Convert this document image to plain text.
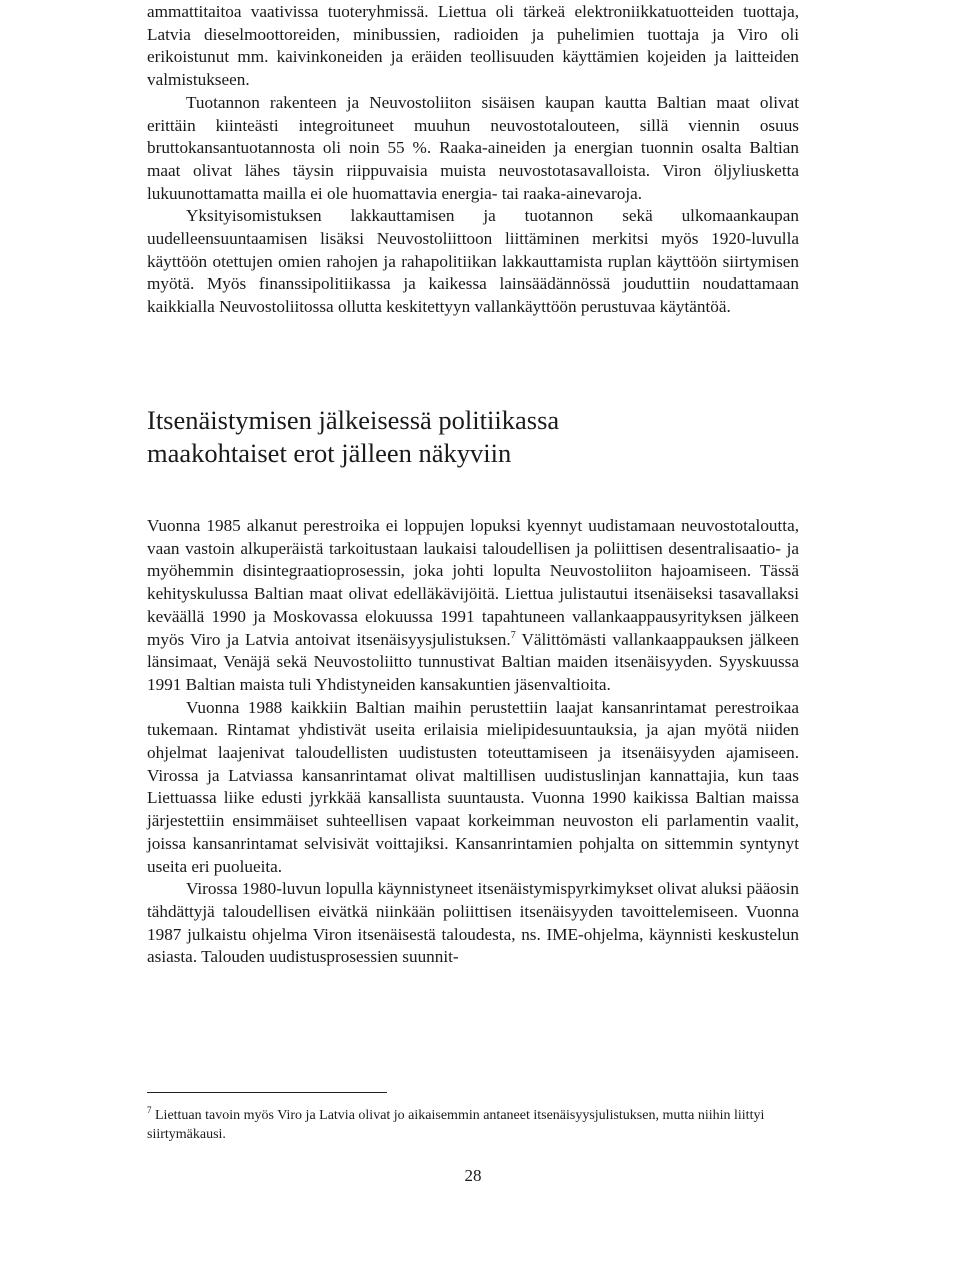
ammattitaitoa vaativissa tuoteryhmissä. Liettua oli tärkeä elektroniikkatuotteiden tuottaja, Latvia dieselmoottoreiden, minibussien, radioiden ja puhelimien tuottaja ja Viro oli erikoistunut mm. kaivinkoneiden ja eräiden teollisuuden käyttämien kojeiden ja laitteiden valmistukseen.

Tuotannon rakenteen ja Neuvostoliiton sisäisen kaupan kautta Baltian maat olivat erittäin kiinteästi integroituneet muuhun neuvostotalouteen, sillä viennin osuus bruttokansantuotannosta oli noin 55 %. Raaka-aineiden ja energian tuonnin osalta Baltian maat olivat lähes täysin riippuvaisia muista neuvostotasavalloista. Viron öljyliusketta lukuunottamatta mailla ei ole huomattavia energia- tai raaka-ainevaroja.

Yksityisomistuksen lakkauttamisen ja tuotannon sekä ulkomaankaupan uudelleensuuntaamisen lisäksi Neuvostoliittoon liittäminen merkitsi myös 1920-luvulla käyttöön otettujen omien rahojen ja rahapolitiikan lakkauttamista ruplan käyttöön siirtymisen myötä. Myös finanssipolitiikassa ja kaikessa lainsäädännössä jouduttiin noudattamaan kaikkialla Neuvostoliitossa ollutta keskitettyyn vallankäyttöön perustuvaa käytäntöä.

Itsenäistymisen jälkeisessä politiikassa
maakohtaiset erot jälleen näkyviin

Vuonna 1985 alkanut perestroika ei loppujen lopuksi kyennyt uudistamaan neuvostotaloutta, vaan vastoin alkuperäistä tarkoitustaan laukaisi taloudellisen ja poliittisen desentralisaatio- ja myöhemmin disintegraatioprosessin, joka johti lopulta Neuvostoliiton hajoamiseen. Tässä kehityskulussa Baltian maat olivat edelläkävijöitä. Liettua julistautui itsenäiseksi tasavallaksi keväällä 1990 ja Moskovassa elokuussa 1991 tapahtuneen vallankaappausyrityksen jälkeen myös Viro ja Latvia antoivat itsenäisyysjulistuksen.$^7$ Välittömästi vallankaappauksen jälkeen länsimaat, Venäjä sekä Neuvostoliitto tunnustivat Baltian maiden itsenäisyyden. Syyskuussa 1991 Baltian maista tuli Yhdistyneiden kansakuntien jäsenvaltioita.

Vuonna 1988 kaikkiin Baltian maihin perustettiin laajat kansanrintamat perestroikaa tukemaan. Rintamat yhdistivät useita erilaisia mielipidesuuntauksia, ja ajan myötä niiden ohjelmat laajenivat taloudellisten uudistusten toteuttamiseen ja itsenäisyyden ajamiseen. Virossa ja Latviassa kansanrintamat olivat maltillisen uudistuslinjan kannattajia, kun taas Liettuassa liike edusti jyrkkää kansallista suuntausta. Vuonna 1990 kaikissa Baltian maissa järjestettiin ensimmäiset suhteellisen vapaat korkeimman neuvoston eli parlamentin vaalit, joissa kansanrintamat selvisivät voittajiksi. Kansanrintamien pohjalta on sittemmin syntynyt useita eri puolueita.

Virossa 1980-luvun lopulla käynnistyneet itsenäistymispyrkimykset olivat aluksi pääosin tähdättyjä taloudellisen eivätkä niinkään poliittisen itsenäisyyden tavoittelemiseen. Vuonna 1987 julkaistu ohjelma Viron itsenäisestä taloudesta, ns. IME-ohjelma, käynnisti keskustelun asiasta. Talouden uudistusprosessien suunnit-

$^7$ Liettuan tavoin myös Viro ja Latvia olivat jo aikaisemmin antaneet itsenäisyysjulistuksen, mutta niihin liittyi siirtymäkausi.

28
